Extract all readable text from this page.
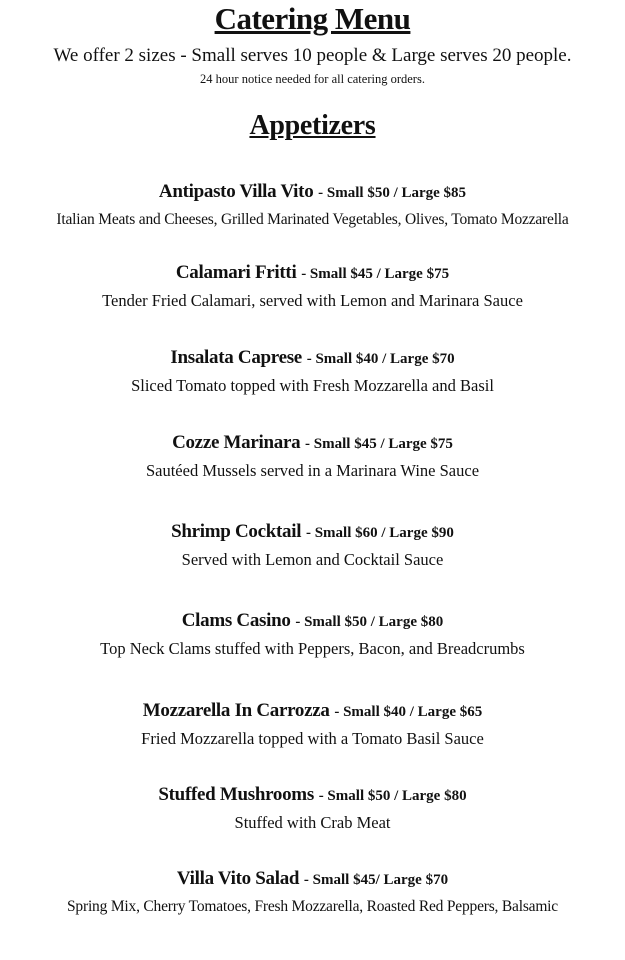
Catering Menu
We offer 2 sizes - Small serves 10 people & Large serves 20 people.
24 hour notice needed for all catering orders.
Appetizers
Antipasto Villa Vito - Small $50 / Large $85
Italian Meats and Cheeses, Grilled Marinated Vegetables, Olives, Tomato Mozzarella
Calamari Fritti - Small $45 / Large $75
Tender Fried Calamari, served with Lemon and Marinara Sauce
Insalata Caprese - Small $40 / Large $70
Sliced Tomato topped with Fresh Mozzarella and Basil
Cozze Marinara - Small $45 / Large $75
Sautéed Mussels served in a Marinara Wine Sauce
Shrimp Cocktail - Small $60 / Large $90
Served with Lemon and Cocktail Sauce
Clams Casino - Small $50 / Large $80
Top Neck Clams stuffed with Peppers, Bacon, and Breadcrumbs
Mozzarella In Carrozza - Small $40 / Large $65
Fried Mozzarella topped with a Tomato Basil Sauce
Stuffed Mushrooms - Small $50 / Large $80
Stuffed with Crab Meat
Villa Vito Salad - Small $45/ Large $70
Spring Mix, Cherry Tomatoes, Fresh Mozzarella, Roasted Red Peppers, Balsamic
